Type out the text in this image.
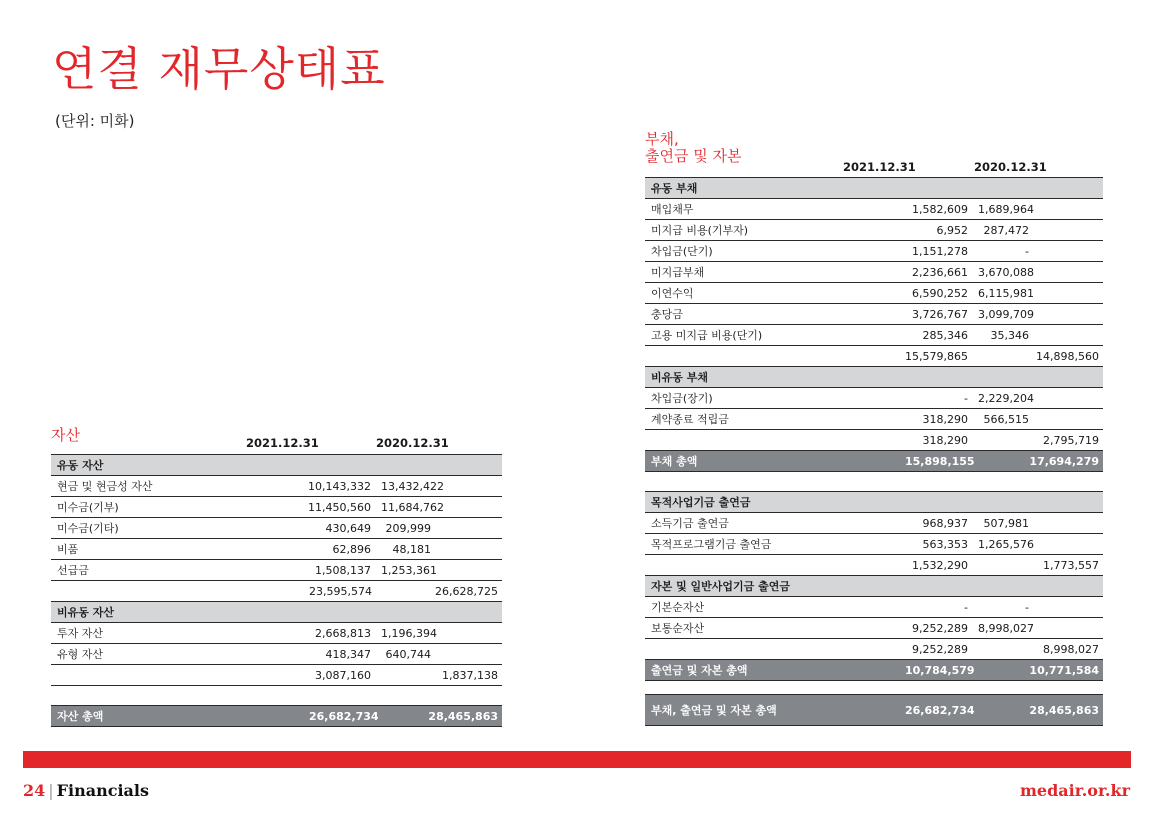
연결 재무상태표
(단위: 미화)
자산	2021.12.31	2020.12.31
유동 자산				
현금 및 현금성 자산	10,143,332		13,432,422	
미수금(기부)	11,450,560		11,684,762	
미수금(기타)	430,649		209,999	
비품	62,896		48,181	
선급금	1,508,137		1,253,361	
		23,595,574	26,628,725	
비유동 자산				
투자 자산	2,668,813		1,196,394	
유형 자산	418,347		640,744	
		3,087,160	1,837,138	

자산 총액		26,682,734	28,465,863	
부채,
출연금 및 자본
2021.12.31	2020.12.31
유동 부채				
매입채무	1,582,609		1,689,964	
미지급 비용(기부자)	6,952		287,472	
차입금(단기)	1,151,278		-	
미지급부채	2,236,661		3,670,088	
이연수익	6,590,252		6,115,981	
충당금	3,726,767		3,099,709	
고용 미지급 비용(단기)	285,346		35,346	
		15,579,865	14,898,560	
비유동 부채				
차입금(장기)	-		2,229,204	
계약종료 적립금	318,290		566,515	
		318,290	2,795,719	
부채 총액		15,898,155	17,694,279	

목적사업기금 출연금				
소득기금 출연금	968,937		507,981	
목적프로그램기금 출연금	563,353		1,265,576	
		1,532,290	1,773,557	
자본 및 일반사업기금 출연금				
기본순자산	-		-	
보통순자산	9,252,289		8,998,027	
		9,252,289	8,998,027	
출연금 및 자본 총액		10,784,579	10,771,584	

부채, 출연금 및 자본 총액		26,682,734	28,465,863	
24 | Financials	medair.or.kr
